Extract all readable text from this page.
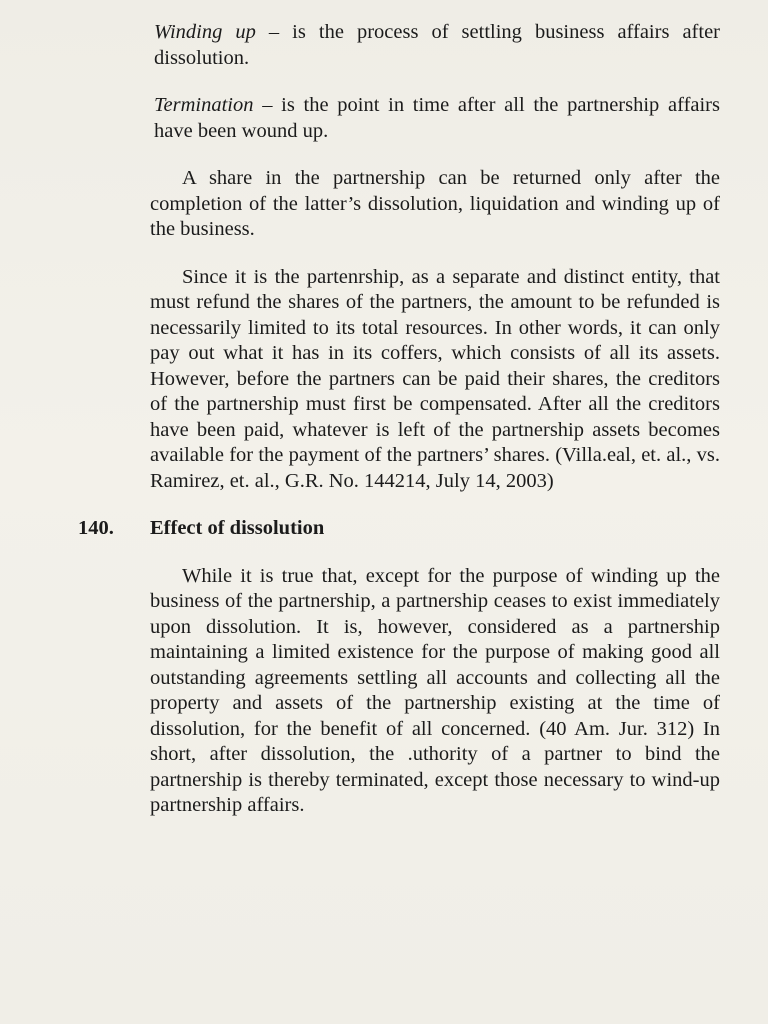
Winding up – is the process of settling business affairs after dissolution.

Termination – is the point in time after all the partnership affairs have been wound up.

A share in the partnership can be returned only after the completion of the latter’s dissolution, liquidation and winding up of the business.

Since it is the partenrship, as a separate and distinct entity, that must refund the shares of the partners, the amount to be refunded is necessarily limited to its total resources. In other words, it can only pay out what it has in its coffers, which consists of all its assets. However, before the partners can be paid their shares, the creditors of the partnership must first be compensated. After all the creditors have been paid, whatever is left of the partnership assets becomes available for the payment of the partners’ shares. (Villa.eal, et. al., vs. Ramirez, et. al., G.R. No. 144214, July 14, 2003)

140. Effect of dissolution

While it is true that, except for the purpose of winding up the business of the partnership, a partnership ceases to exist immediately upon dissolution. It is, however, considered as a partnership maintaining a limited existence for the purpose of making good all outstanding agreements settling all accounts and collecting all the property and assets of the partnership existing at the time of dissolution, for the benefit of all concerned. (40 Am. Jur. 312) In short, after dissolution, the .uthority of a partner to bind the partnership is thereby terminated, except those necessary to wind-up partnership affairs.
